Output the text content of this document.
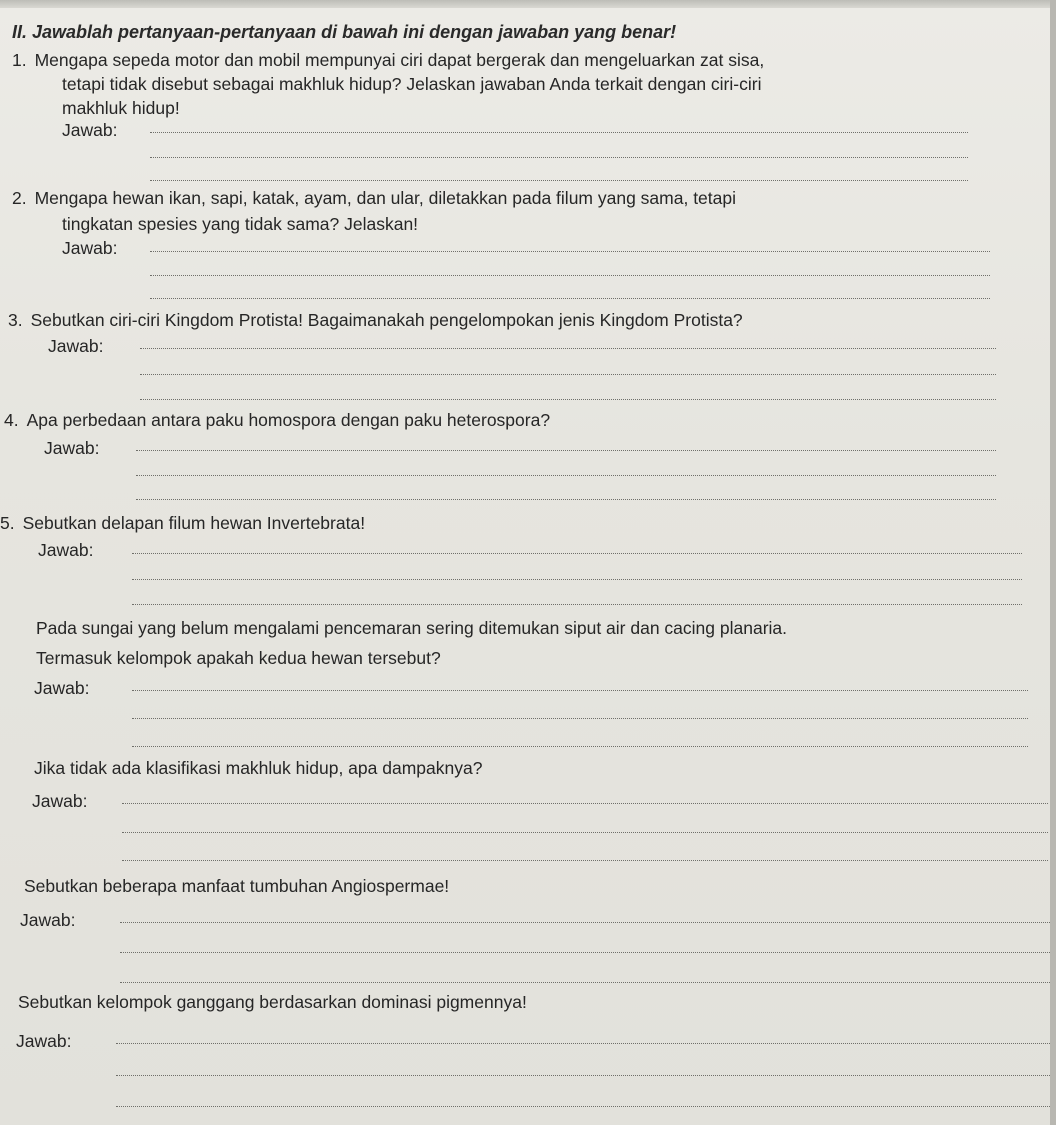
II. Jawablah pertanyaan-pertanyaan di bawah ini dengan jawaban yang benar!
1. Mengapa sepeda motor dan mobil mempunyai ciri dapat bergerak dan mengeluarkan zat sisa,
tetapi tidak disebut sebagai makhluk hidup? Jelaskan jawaban Anda terkait dengan ciri-ciri
makhluk hidup!
Jawab:
2. Mengapa hewan ikan, sapi, katak, ayam, dan ular, diletakkan pada filum yang sama, tetapi
tingkatan spesies yang tidak sama? Jelaskan!
Jawab:
3. Sebutkan ciri-ciri Kingdom Protista! Bagaimanakah pengelompokan jenis Kingdom Protista?
Jawab:
4. Apa perbedaan antara paku homospora dengan paku heterospora?
Jawab:
5. Sebutkan delapan filum hewan Invertebrata!
Jawab:
Pada sungai yang belum mengalami pencemaran sering ditemukan siput air dan cacing planaria.
Termasuk kelompok apakah kedua hewan tersebut?
Jawab:
Jika tidak ada klasifikasi makhluk hidup, apa dampaknya?
Jawab:
Sebutkan beberapa manfaat tumbuhan Angiospermae!
Jawab:
Sebutkan kelompok ganggang berdasarkan dominasi pigmennya!
Jawab:
